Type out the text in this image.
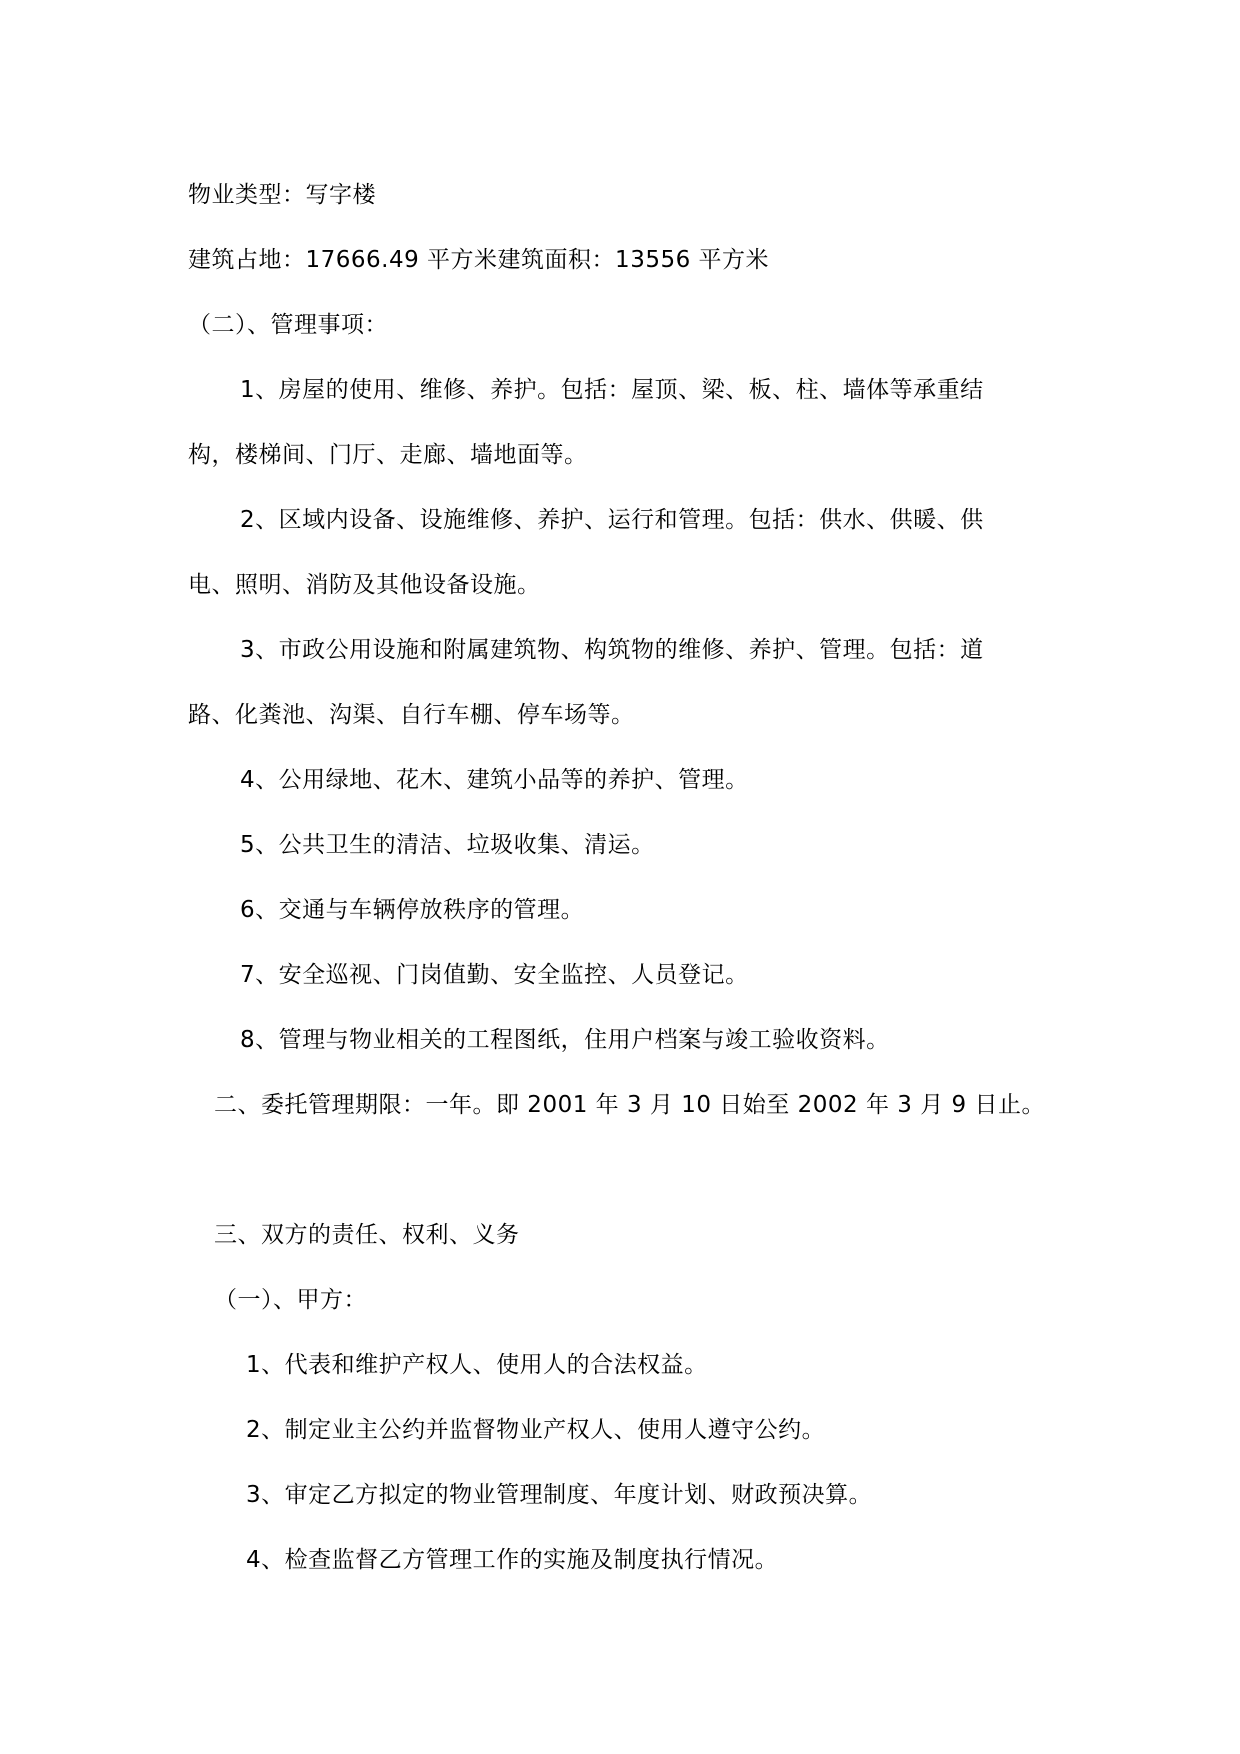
物业类型：写字楼
建筑占地：17666.49 平方米建筑面积：13556 平方米
（二）、管理事项：
1、房屋的使用、维修、养护。包括：屋顶、梁、板、柱、墙体等承重结
构，楼梯间、门厅、走廊、墙地面等。
2、区域内设备、设施维修、养护、运行和管理。包括：供水、供暖、供
电、照明、消防及其他设备设施。
3、市政公用设施和附属建筑物、构筑物的维修、养护、管理。包括：道
路、化粪池、沟渠、自行车棚、停车场等。
4、公用绿地、花木、建筑小品等的养护、管理。
5、公共卫生的清洁、垃圾收集、清运。
6、交通与车辆停放秩序的管理。
7、安全巡视、门岗值勤、安全监控、人员登记。
8、管理与物业相关的工程图纸，住用户档案与竣工验收资料。
二、委托管理期限：一年。即 2001 年 3 月 10 日始至 2002 年 3 月 9 日止。
三、双方的责任、权利、义务
（一）、甲方：
1、代表和维护产权人、使用人的合法权益。
2、制定业主公约并监督物业产权人、使用人遵守公约。
3、审定乙方拟定的物业管理制度、年度计划、财政预决算。
4、检查监督乙方管理工作的实施及制度执行情况。
